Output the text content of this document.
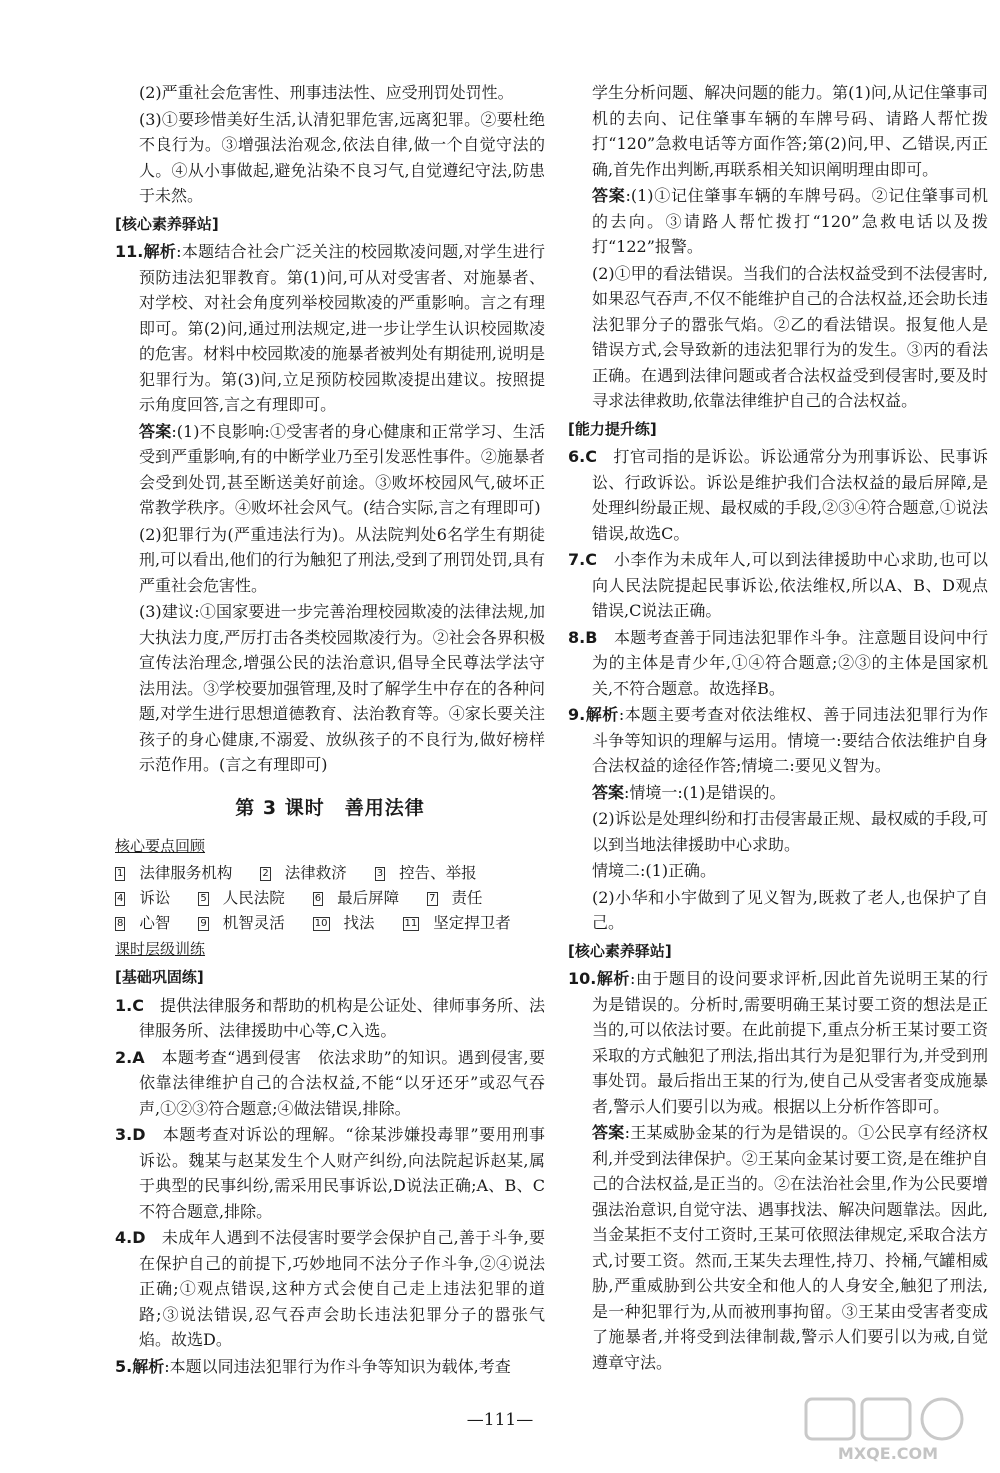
(2)严重社会危害性、刑事违法性、应受刑罚处罚性。

(3)①要珍惜美好生活,认清犯罪危害,远离犯罪。②要杜绝不良行为。③增强法治观念,依法自律,做一个自觉守法的人。④从小事做起,避免沾染不良习气,自觉遵纪守法,防患于未然。

[核心素养驿站]

11.解析:本题结合社会广泛关注的校园欺凌问题,对学生进行预防违法犯罪教育。第(1)问,可从对受害者、对施暴者、对学校、对社会角度列举校园欺凌的严重影响。言之有理即可。第(2)问,通过刑法规定,进一步让学生认识校园欺凌的危害。材料中校园欺凌的施暴者被判处有期徒刑,说明是犯罪行为。第(3)问,立足预防校园欺凌提出建议。按照提示角度回答,言之有理即可。

答案:(1)不良影响:①受害者的身心健康和正常学习、生活受到严重影响,有的中断学业乃至引发恶性事件。②施暴者会受到处罚,甚至断送美好前途。③败坏校园风气,破坏正常教学秩序。④败坏社会风气。(结合实际,言之有理即可)

(2)犯罪行为(严重违法行为)。从法院判处6名学生有期徒刑,可以看出,他们的行为触犯了刑法,受到了刑罚处罚,具有严重社会危害性。

(3)建议:①国家要进一步完善治理校园欺凌的法律法规,加大执法力度,严厉打击各类校园欺凌行为。②社会各界积极宣传法治理念,增强公民的法治意识,倡导全民尊法学法守法用法。③学校要加强管理,及时了解学生中存在的各种问题,对学生进行思想道德教育、法治教育等。④家长要关注孩子的身心健康,不溺爱、放纵孩子的不良行为,做好榜样示范作用。(言之有理即可)

第 3 课时　善用法律

核心要点回顾

1 法律服务机构	2 法律救济	3 控告、举报
4 诉讼	5 人民法院	6 最后屏障	7 责任
8 心智	9 机智灵活	10 找法	11 坚定捍卫者

课时层级训练

[基础巩固练]

1.C　 提供法律服务和帮助的机构是公证处、律师事务所、法律服务所、法律援助中心等,C入选。

2.A　 本题考查“遇到侵害　依法求助”的知识。遇到侵害,要依靠法律维护自己的合法权益,不能“以牙还牙”或忍气吞声,①②③符合题意;④做法错误,排除。

3.D　 本题考查对诉讼的理解。“徐某涉嫌投毒罪”要用刑事诉讼。魏某与赵某发生个人财产纠纷,向法院起诉赵某,属于典型的民事纠纷,需采用民事诉讼,D说法正确;A、B、C不符合题意,排除。

4.D　 未成年人遇到不法侵害时要学会保护自己,善于斗争,要在保护自己的前提下,巧妙地同不法分子作斗争,②④说法正确;①观点错误,这种方式会使自己走上违法犯罪的道路;③说法错误,忍气吞声会助长违法犯罪分子的嚣张气焰。故选D。

5.解析:本题以同违法犯罪行为作斗争等知识为载体,考查

学生分析问题、解决问题的能力。第(1)问,从记住肇事司机的去向、记住肇事车辆的车牌号码、请路人帮忙拨打“120”急救电话等方面作答;第(2)问,甲、乙错误,丙正确,首先作出判断,再联系相关知识阐明理由即可。

答案:(1)①记住肇事车辆的车牌号码。②记住肇事司机的去向。③请路人帮忙拨打“120”急救电话以及拨打“122”报警。

(2)①甲的看法错误。当我们的合法权益受到不法侵害时,如果忍气吞声,不仅不能维护自己的合法权益,还会助长违法犯罪分子的嚣张气焰。②乙的看法错误。报复他人是错误方式,会导致新的违法犯罪行为的发生。③丙的看法正确。在遇到法律问题或者合法权益受到侵害时,要及时寻求法律救助,依靠法律维护自己的合法权益。

[能力提升练]

6.C　 打官司指的是诉讼。诉讼通常分为刑事诉讼、民事诉讼、行政诉讼。诉讼是维护我们合法权益的最后屏障,是处理纠纷最正规、最权威的手段,②③④符合题意,①说法错误,故选C。

7.C　 小李作为未成年人,可以到法律援助中心求助,也可以向人民法院提起民事诉讼,依法维权,所以A、B、D观点错误,C说法正确。

8.B　 本题考查善于同违法犯罪作斗争。注意题目设问中行为的主体是青少年,①④符合题意;②③的主体是国家机关,不符合题意。故选择B。

9.解析:本题主要考查对依法维权、善于同违法犯罪行为作斗争等知识的理解与运用。情境一:要结合依法维护自身合法权益的途径作答;情境二:要见义智为。

答案:情境一:(1)是错误的。

(2)诉讼是处理纠纷和打击侵害最正规、最权威的手段,可以到当地法律援助中心求助。

情境二:(1)正确。

(2)小华和小宇做到了见义智为,既救了老人,也保护了自己。

[核心素养驿站]

10.解析:由于题目的设问要求评析,因此首先说明王某的行为是错误的。分析时,需要明确王某讨要工资的想法是正当的,可以依法讨要。在此前提下,重点分析王某讨要工资采取的方式触犯了刑法,指出其行为是犯罪行为,并受到刑事处罚。最后指出王某的行为,使自己从受害者变成施暴者,警示人们要引以为戒。根据以上分析作答即可。

答案:王某威胁金某的行为是错误的。①公民享有经济权利,并受到法律保护。②王某向金某讨要工资,是在维护自己的合法权益,是正当的。②在法治社会里,作为公民要增强法治意识,自觉守法、遇事找法、解决问题靠法。因此,当金某拒不支付工资时,王某可依照法律规定,采取合法方式,讨要工资。然而,王某失去理性,持刀、拎桶,气罐相威胁,严重威胁到公共安全和他人的人身安全,触犯了刑法,是一种犯罪行为,从而被刑事拘留。③王某由受害者变成了施暴者,并将受到法律制裁,警示人们要引以为戒,自觉遵章守法。

—111—
MXQE.COM
